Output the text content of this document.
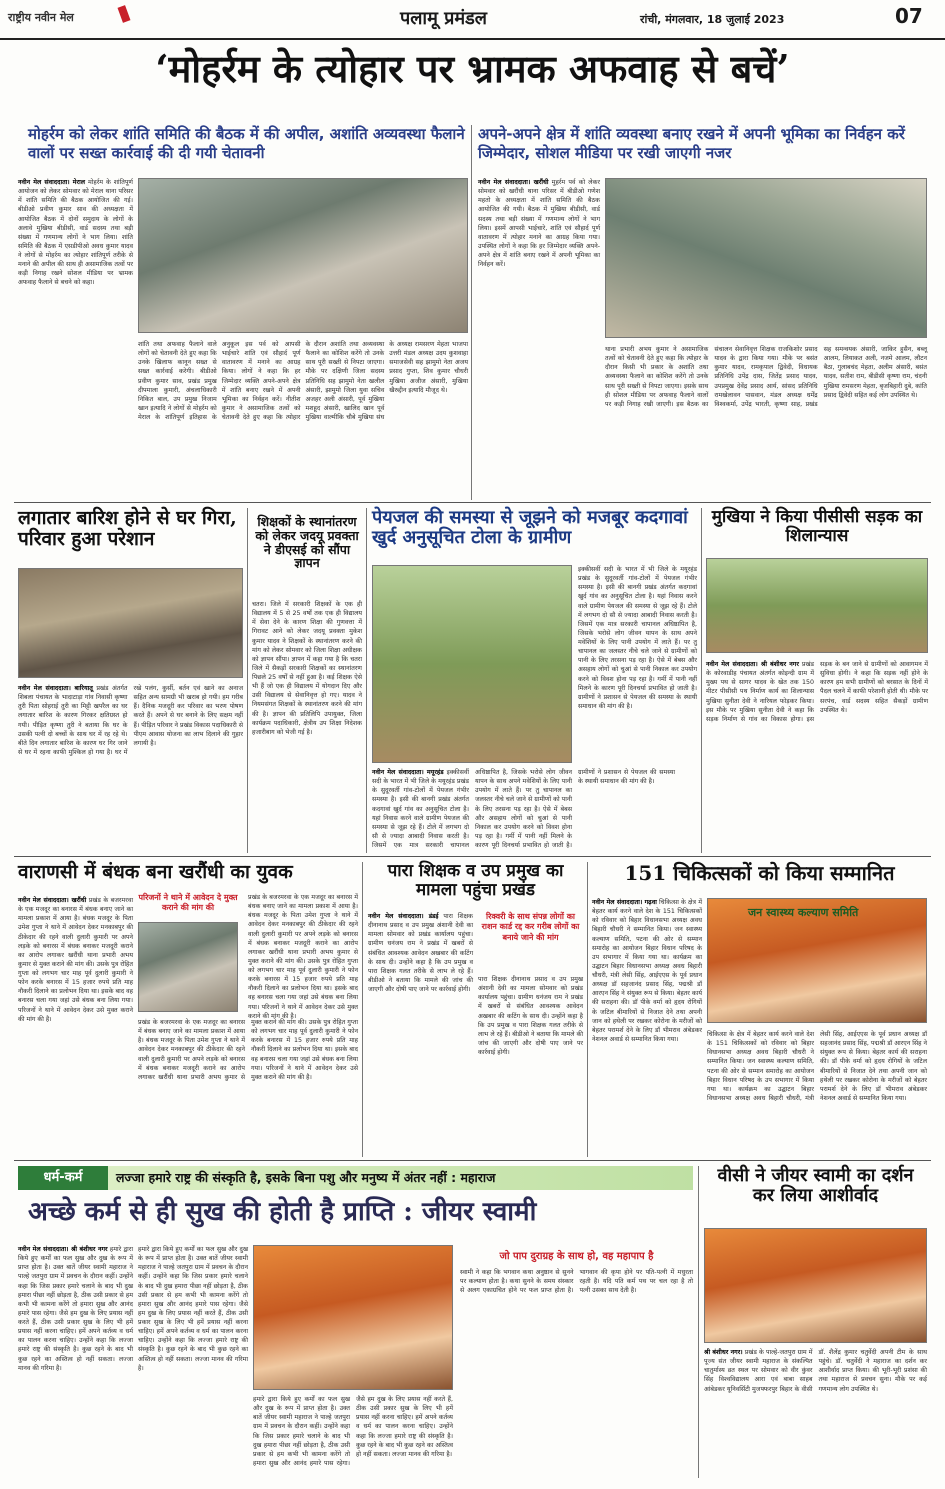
राष्ट्रीय नवीन मेल	पलामू प्रमंडल	रांची, मंगलवार, 18 जुलाई 2023	07
‘मोहर्रम के त्योहार पर भ्रामक अफवाह से बचें’
मोहर्रम को लेकर शांति समिति की बैठक में की अपील, अशांति अव्यवस्था फैलाने वालों पर सख्त कार्रवाई की दी गयी चेतावनी
अपने-अपने क्षेत्र में शांति व्यवस्था बनाए रखने में अपनी भूमिका का निर्वहन करें जिम्मेदार, सोशल मीडिया पर रखी जाएगी नजर
नवीन मेल संवाददाता। मेराल मोहर्रम के शांतिपूर्ण आयोजन को लेकर सोमवार को मेराल थाना परिसर में शांति समिति की बैठक आयोजित की गई। बीडीओ प्रवीण कुमार साव की अध्यक्षता में आयोजित बैठक में दोनों समुदाय के लोगों के अलावे मुखिया बीडीसी, वार्ड सदस्य तथा बड़ी संख्या में गणमान्य लोगों ने भाग लिया। शांति समिति की बैठक में एसडीपीओ अवध कुमार यादव ने लोगों से मोहर्रम का त्योहार शांतिपूर्ण तरीके से मनाने की अपील की साथ ही असामाजिक तत्वों पर कड़ी निगाह रखने सोशल मीडिया पर भ्रामक अफवाह फैलाने से बचने को कहा।
शांति तथा अफवाह फैलाने वाले लोगों को चेतावनी देते हुए कहा कि उनके खिलाफ कानून सख्त से सख्त कार्रवाई करेगी। बीडीओ प्रवीण कुमार साव, प्रखंड प्रमुख दीपमाला कुमारी, अंचलाधिकारी निकित बाल, उप प्रमुख निजाम खान इत्यादि ने लोगों से मोहर्रम को मेराल के शांतिपूर्ण इतिहास के अनुकूल इस पर्व को आपसी भाईचारे शांति एवं सौहार्द पूर्ण वातावरण में मनाने का आग्रह किया। लोगों ने कहा कि हर जिम्मेदार व्यक्ति अपने-अपने क्षेत्र में शांति बनाए रखने में अपनी भूमिका का निर्वहन करें। नीतीश कुमार ने असामाजिक तत्वों को चेतावनी देते हुए कहा कि त्योहार के दौरान अशांति तथा अव्यवस्था फैलाने का कोशिश करेंगे तो उनके साथ पूरी सख्ती से निपटा जाएगा। मौके पर दक्षिणी जिला सदस्य प्रतिनिधि सह झामुमो नेता खलील अंसारी, झामुमो जिला युवा सचिव अजहर अली अंसारी, पूर्व मुखिया मशहूद अंसारी, खालिद खान पूर्व मुखिया वाल्मीकि चौबे मुखिया संघ के अध्यक्ष रामसरण मेहता भाजपा उत्तरी मंडल अध्यक्ष उदय कुशवाहा समाजसेवी सह झामुमो नेता अजय प्रसाद गुप्ता, शिव कुमार चौधरी मुखिया अजीज अंसारी, मुखिया खैरुद्दीन इत्यादि मौजूद थे।
नवीन मेल संवाददाता। खरौंधी मुहर्रम पर्व को लेकर सोमवार को खरौंधी थाना परिसर में बीडीओ गणेश महतो के अध्यक्षता में शांति समिति की बैठक आयोजित की गयी। बैठक में मुखिया बीडीसी, वार्ड सदस्य तथा बड़ी संख्या में गणमान्य लोगों ने भाग लिया। इसमें आपसी भाईचारे, शांति एवं सौहार्द पूर्ण वातावरण में त्योहार मनाने का आग्रह किया गया। उपस्थित लोगों ने कहा कि हर जिम्मेदार व्यक्ति अपने-अपने क्षेत्र में शांति बनाए रखने में अपनी भूमिका का निर्वहन करें।
थाना प्रभारी अभय कुमार ने असामाजिक तत्वों को चेतावनी देते हुए कहा कि त्योहार के दौरान किसी भी प्रकार के अशांति तथा अव्यवस्था फैलाने का कोशिश करेंगे तो उनके साथ पूरी सख्ती से निपटा जाएगा। इसके साथ ही सोशल मीडिया पर अफवाह फैलाने वालों पर कड़ी निगाह रखी जाएगी। इस बैठक का संचालन सेवानिवृत्त शिक्षक राजकिशोर प्रसाद यादव के द्वारा किया गया। मौके पर बसंत कुमार यादव, रामकृपाल द्विवेदी, विधायक प्रतिनिधि उपेंद्र दास, जितेंद्र प्रसाद यादव, उपप्रमुख देवेंद्र प्रसाद आर्य, सांसद प्रतिनिधि रामखेलावन पासवान, मंडल अध्यक्ष धर्मेंद्र विश्वकर्मा, उपेंद्र भारती, कृष्णा साह, प्रखंड सह समन्वयक अंसारी, जाकिर हुसैन, बब्लू आलम, लियाकत अली, नजमे आलम, लौटन बैठा, गुलाबचंद मेहता, अलीम अंसारी, बसंत यादव, सतीश राम, बीडीसी कृष्णा राम, चंदनी मुखिया रामसरण मेहता, बृजबिहारी दुबे, कांति प्रसाद द्विवेदी सहित कई लोग उपस्थित थे।
लगातार बारिश होने से घर गिरा, परिवार हुआ परेशान
नवीन मेल संवाददाता। बारियातू प्रखंड अंतर्गत शिबला पंचायत के भादाटाड़ा गांव निवासी कृष्णा तुरी पिता सोहराई तुरी का मिट्टी खपरैल का घर लगातार बारिश के कारण गिरकर क्षतिग्रस्त हो गयी। पीड़ित कृष्णा तुरी ने बताया कि घर के उसकी पत्नी दो बच्चों के साथ घर में रह रहे थे। बीते दिन लगातार बारिश के कारण घर गिर जाने से घर में रहना काफी मुश्किल हो गया है। घर में रखे पलंग, कुर्सी, बर्तन एवं खाने का अनाज सहित अन्य सामग्री भी खराब हो गयी। हम गरीब हैं। दैनिक मजदूरी कर परिवार का भरण पोषण करते हैं। अपने से घर बनाने के लिए सक्षम नहीं हैं। पीड़ित परिवार ने प्रखंड विकास पदाधिकारी से पीएम आवास योजना का लाभ दिलाने की गुहार लगायी है।
शिक्षकों के स्थानांतरण को लेकर जदयू प्रवक्ता ने डीएसई को सौंपा ज्ञापन
चतरा। जिले में सरकारी शिक्षकों के एक ही विद्यालय में 5 से 25 वर्षों तक एक ही विद्यालय में सेवा देने के कारण शिक्षा की गुणवत्ता में गिरावट आने को लेकर जदयू प्रवक्ता मुकेश कुमार यादव ने शिक्षकों के स्थानांतरण करने की मांग को लेकर सोमवार को जिला शिक्षा अधीक्षक को ज्ञापन सौंपा। ज्ञापन में कहा गया है कि चतरा जिले में सैकड़ों सरकारी शिक्षकों का स्थानांतरण पिछले 25 वर्षों से नहीं हुआ है। कई शिक्षक ऐसे भी हैं जो एक ही विद्यालय में योगदान दिए और उसी विद्यालय से सेवानिवृत्त हो गए। यादव ने नियमसंगत शिक्षकों के स्थानांतरण करने की मांग की है। ज्ञापन की प्रतिलिपि उपायुक्त, जिला कार्यक्रम पदाधिकारी, क्षेत्रीय उप शिक्षा निदेशक हजारीबाग को भेजी गई है।
पेयजल की समस्या से जूझने को मजबूर कदगावां खुर्द अनुसूचित टोला के ग्रामीण
नवीन मेल संवाददाता। मयूरहंड इक्कीसवीं सदी के भारत में भी जिले के मयूरहंड प्रखंड के सुदूरवर्ती गांव-टोलों में पेयजल गंभीर समस्या है। इसी की बानगी प्रखंड अंतर्गत कदगावां खुर्द गांव का अनुसूचित टोला है। यहां निवास करने वाले ग्रामीण पेयजल की समस्या से जूझ रहे हैं। टोले में लगभग दो सौ से ज्यादा आबादी निवास करती है। जिसमें एक मात्र सरकारी चापानल अधिष्ठापित है, जिसके भरोसे लोग जीवन यापन के साथ अपने मवेशियों के लिए पानी उपयोग में लाते हैं। पर तु चापानल का जलस्तर नीचे चले जाने से ग्रामीणों को पानी के लिए तरसना पड़ रहा है। ऐसे में बेबस और असहाय लोगों को चुआं से पानी निकाल कर उपयोग करने को विवश होना पड़ रहा है। गर्मी में पानी नहीं मिलने के कारण पूरी दिनचर्या प्रभावित हो जाती है। ग्रामीणों ने प्रशासन से पेयजल की समस्या के स्थायी समाधान की मांग की है।
इक्कीसवीं सदी के भारत में भी जिले के मयूरहंड प्रखंड के सुदूरवर्ती गांव-टोलों में पेयजल गंभीर समस्या है। इसी की बानगी प्रखंड अंतर्गत कदगावां खुर्द गांव का अनुसूचित टोला है। यहां निवास करने वाले ग्रामीण पेयजल की समस्या से जूझ रहे हैं। टोले में लगभग दो सौ से ज्यादा आबादी निवास करती है। जिसमें एक मात्र सरकारी चापानल अधिष्ठापित है, जिसके भरोसे लोग जीवन यापन के साथ अपने मवेशियों के लिए पानी उपयोग में लाते हैं। पर तु चापानल का जलस्तर नीचे चले जाने से ग्रामीणों को पानी के लिए तरसना पड़ रहा है। ऐसे में बेबस और असहाय लोगों को चुआं से पानी निकाल कर उपयोग करने को विवश होना पड़ रहा है। गर्मी में पानी नहीं मिलने के कारण पूरी दिनचर्या प्रभावित हो जाती है। ग्रामीणों ने प्रशासन से पेयजल की समस्या के स्थायी समाधान की मांग की है।
मुखिया ने किया पीसीसी सड़क का शिलान्यास
नवीन मेल संवाददाता। श्री बंशीधर नगर प्रखंड के कोरवाडीह पंचायत अंतर्गत कोइन्दी ग्राम में मुख्य पथ से सागर यादव के खेत तक 150 मीटर पीसीसी पथ निर्माण कार्य का शिलान्यास मुखिया सुनीता देवी ने नारियल फोड़कर किया। इस मौके पर मुखिया सुनीता देवी ने कहा कि सड़क निर्माण से गांव का विकास होगा। इस सड़क के बन जाने से ग्रामीणों को आवागमन में सुविधा होगी। ने कहा कि सड़क नहीं होने के कारण हम सभी ग्रामीणों को बरसात के दिनों में पैदल चलने में काफी परेशानी होती थी। मौके पर सरपंच, वार्ड सदस्य सहित सैकड़ों ग्रामीण उपस्थित थे।
वाराणसी में बंधक बना खरौंधी का युवक
नवीन मेल संवाददाता। खरौंधी प्रखंड के बजरमरवा के एक मजदूर का बनारस में बंधक बनाए जाने का मामला प्रकाश में आया है। बंधक मजदूर के पिता उमेश गुप्ता ने थाने में आवेदन देकर मनकाबपुर की ठीकेदार की रहने वाली दुलारी कुमारी पर अपने लड़के को बनारस में बंधक बनाकर मजदूरी कराने का आरोप लगाकर खरौंधी थाना प्रभारी अभय कुमार से मुक्त कराने की मांग की। उसके पुत्र रोहित गुप्ता को लगभग चार माह पूर्व दुलारी कुमारी ने फोन करके बनारस में 15 हजार रुपये प्रति माह नौकरी दिलाने का प्रलोभन दिया था। इसके बाद वह बनारस चला गया जहां उसे बंधक बना लिया गया। परिजनों ने थाने में आवेदन देकर उसे मुक्त कराने की मांग की है।
परिजनों ने थाने में आवेदन दे मुक्त कराने की मांग की
प्रखंड के बजरमरवा के एक मजदूर का बनारस में बंधक बनाए जाने का मामला प्रकाश में आया है। बंधक मजदूर के पिता उमेश गुप्ता ने थाने में आवेदन देकर मनकाबपुर की ठीकेदार की रहने वाली दुलारी कुमारी पर अपने लड़के को बनारस में बंधक बनाकर मजदूरी कराने का आरोप लगाकर खरौंधी थाना प्रभारी अभय कुमार से मुक्त कराने की मांग की। उसके पुत्र रोहित गुप्ता को लगभग चार माह पूर्व दुलारी कुमारी ने फोन करके बनारस में 15 हजार रुपये प्रति माह नौकरी दिलाने का प्रलोभन दिया था। इसके बाद वह बनारस चला गया जहां उसे बंधक बना लिया गया। परिजनों ने थाने में आवेदन देकर उसे मुक्त कराने की मांग की है।
प्रखंड के बजरमरवा के एक मजदूर का बनारस में बंधक बनाए जाने का मामला प्रकाश में आया है। बंधक मजदूर के पिता उमेश गुप्ता ने थाने में आवेदन देकर मनकाबपुर की ठीकेदार की रहने वाली दुलारी कुमारी पर अपने लड़के को बनारस में बंधक बनाकर मजदूरी कराने का आरोप लगाकर खरौंधी थाना प्रभारी अभय कुमार से मुक्त कराने की मांग की। उसके पुत्र रोहित गुप्ता को लगभग चार माह पूर्व दुलारी कुमारी ने फोन करके बनारस में 15 हजार रुपये प्रति माह नौकरी दिलाने का प्रलोभन दिया था। इसके बाद वह बनारस चला गया जहां उसे बंधक बना लिया गया। परिजनों ने थाने में आवेदन देकर उसे मुक्त कराने की मांग की है।
पारा शिक्षक व उप प्रमुख का मामला पहुंचा प्रखंड
नवीन मेल संवाददाता। डंडई पारा शिक्षक दीनानाथ प्रसाद व उप प्रमुख अंशानी देवी का मामला सोमवार को प्रखंड कार्यालय पहुंचा। ग्रामीण धनंजय राम ने प्रखंड में खबरों से संबंधित आवश्यक आवेदन अखबार की कटिंग के साथ दी। उन्होंने कहा है कि उप प्रमुख व पारा शिक्षक गलत तरीके से लाभ ले रहे हैं। बीडीओ ने बताया कि मामले की जांच की जाएगी और दोषी पाए जाने पर कार्रवाई होगी।
रिक्वरी के साथ संपन्न लोगों का राशन कार्ड रद्द कर गरीब लोगों का बनाये जाने की मांग
पारा शिक्षक दीनानाथ प्रसाद व उप प्रमुख अंशानी देवी का मामला सोमवार को प्रखंड कार्यालय पहुंचा। ग्रामीण धनंजय राम ने प्रखंड में खबरों से संबंधित आवश्यक आवेदन अखबार की कटिंग के साथ दी। उन्होंने कहा है कि उप प्रमुख व पारा शिक्षक गलत तरीके से लाभ ले रहे हैं। बीडीओ ने बताया कि मामले की जांच की जाएगी और दोषी पाए जाने पर कार्रवाई होगी।
151 चिकित्सकों को किया सम्मानित
नवीन मेल संवाददाता। गढ़वा चिकित्सा के क्षेत्र में बेहतर कार्य करने वाले देश के 151 चिकित्सकों को रविवार को बिहार विधानसभा अध्यक्ष अवध बिहारी चौधरी ने सम्मानित किया। जन स्वास्थ्य कल्याण समिति, पटना की ओर से सम्मान समारोह का आयोजन बिहार विधान परिषद के उप सभागार में किया गया था। कार्यक्रम का उद्घाटन बिहार विधानसभा अध्यक्ष अवध बिहारी चौधरी, मंत्री लेसी सिंह, आईएएस के पूर्व प्रधान अध्यक्ष डॉ सहजानंद प्रसाद सिंह, पद्मश्री डॉ आरएन सिंह ने संयुक्त रूप से किया। बेहतर कार्य की सराहना की। डॉ पीके वर्मा को हृदय रोगियों के जटिल बीमारियों से निजात देने तथा अपनी जान को हथेली पर रखकर कोरोना के मरीजों को बेहतर परामर्श देने के लिए डॉ भीमराव अंबेडकर नेशनल अवार्ड से सम्मानित किया गया।
जन स्वास्थ्य कल्याण समिति
चिकित्सा के क्षेत्र में बेहतर कार्य करने वाले देश के 151 चिकित्सकों को रविवार को बिहार विधानसभा अध्यक्ष अवध बिहारी चौधरी ने सम्मानित किया। जन स्वास्थ्य कल्याण समिति, पटना की ओर से सम्मान समारोह का आयोजन बिहार विधान परिषद के उप सभागार में किया गया था। कार्यक्रम का उद्घाटन बिहार विधानसभा अध्यक्ष अवध बिहारी चौधरी, मंत्री लेसी सिंह, आईएएस के पूर्व प्रधान अध्यक्ष डॉ सहजानंद प्रसाद सिंह, पद्मश्री डॉ आरएन सिंह ने संयुक्त रूप से किया। बेहतर कार्य की सराहना की। डॉ पीके वर्मा को हृदय रोगियों के जटिल बीमारियों से निजात देने तथा अपनी जान को हथेली पर रखकर कोरोना के मरीजों को बेहतर परामर्श देने के लिए डॉ भीमराव अंबेडकर नेशनल अवार्ड से सम्मानित किया गया।
धर्म-कर्म	लज्जा हमारे राष्ट्र की संस्कृति है, इसके बिना पशु और मनुष्य में अंतर नहीं : महाराज
अच्छे कर्म से ही सुख की होती है प्राप्ति : जीयर स्वामी
नवीन मेल संवाददाता। श्री बंशीधर नगर हमारे द्वारा किये हुए कर्मों का फल सुख और दुख के रूप में प्राप्त होता है। उक्त बातें जीयर स्वामी महाराज ने पाल्हे जतपुरा ग्राम में प्रवचन के दौरान कहीं। उन्होंने कहा कि जिस प्रकार हमारे चलाने के बाद भी दुख हमारा पीछा नहीं छोड़ता है, ठीक उसी प्रकार से हम कभी भी कामना करेंगे तो हमारा सुख और आनंद हमारे पास रहेगा। जैसे हम दुख के लिए प्रयास नहीं करते हैं, ठीक उसी प्रकार सुख के लिए भी हमें प्रयास नहीं करना चाहिए। हमें अपने कर्तव्य व धर्म का पालन करना चाहिए। उन्होंने कहा कि लज्जा हमारे राष्ट्र की संस्कृति है। कुछ रहने के बाद भी कुछ रहने का अस्तित्व हो नहीं सकता। लज्जा मानव की गरिमा है।
हमारे द्वारा किये हुए कर्मों का फल सुख और दुख के रूप में प्राप्त होता है। उक्त बातें जीयर स्वामी महाराज ने पाल्हे जतपुरा ग्राम में प्रवचन के दौरान कहीं। उन्होंने कहा कि जिस प्रकार हमारे चलाने के बाद भी दुख हमारा पीछा नहीं छोड़ता है, ठीक उसी प्रकार से हम कभी भी कामना करेंगे तो हमारा सुख और आनंद हमारे पास रहेगा। जैसे हम दुख के लिए प्रयास नहीं करते हैं, ठीक उसी प्रकार सुख के लिए भी हमें प्रयास नहीं करना चाहिए। हमें अपने कर्तव्य व धर्म का पालन करना चाहिए। उन्होंने कहा कि लज्जा हमारे राष्ट्र की संस्कृति है। कुछ रहने के बाद भी कुछ रहने का अस्तित्व हो नहीं सकता। लज्जा मानव की गरिमा है।
हमारे द्वारा किये हुए कर्मों का फल सुख और दुख के रूप में प्राप्त होता है। उक्त बातें जीयर स्वामी महाराज ने पाल्हे जतपुरा ग्राम में प्रवचन के दौरान कहीं। उन्होंने कहा कि जिस प्रकार हमारे चलाने के बाद भी दुख हमारा पीछा नहीं छोड़ता है, ठीक उसी प्रकार से हम कभी भी कामना करेंगे तो हमारा सुख और आनंद हमारे पास रहेगा। जैसे हम दुख के लिए प्रयास नहीं करते हैं, ठीक उसी प्रकार सुख के लिए भी हमें प्रयास नहीं करना चाहिए। हमें अपने कर्तव्य व धर्म का पालन करना चाहिए। उन्होंने कहा कि लज्जा हमारे राष्ट्र की संस्कृति है। कुछ रहने के बाद भी कुछ रहने का अस्तित्व हो नहीं सकता। लज्जा मानव की गरिमा है।
जो पाप दुराग्रह के साथ हो, वह महापाप है
स्वामी ने कहा कि भगवान कथा अनुष्ठान से सुनने पर कल्याण होता है। कथा सुनने के समय संस्कार से अलग एकाग्रचित होने पर फल प्राप्त होता है। भागवान की कृपा होने पर पति-पत्नी में मधुरता रहती है। यदि पति कर्म पथ पर चल रहा है तो पत्नी उसका साथ देती है।
वीसी ने जीयर स्वामी का दर्शन कर लिया आशीर्वाद
श्री बंशीधर नगर। प्रखंड के पाल्हे-जतपुरा ग्राम में पूज्य संत जीयर स्वामी महाराज के संकल्पित चातुर्मास्य व्रत स्थल पर सोमवार को वीर कुंवर सिंह विश्वविद्यालय आरा एवं बाबा साहब आंबेडकर यूनिवर्सिटी मुजफ्फरपुर बिहार के वीसी डॉ. शैलेंद्र कुमार चतुर्वेदी अपनी टीम के साथ पहुंचे। डॉ. चतुर्वेदी ने महाराज का दर्शन कर आशीर्वाद प्राप्त किया। की भूरी-भूरी प्रशंसा की तथा महाराज से प्रवचन सुना। मौके पर कई गणमान्य लोग उपस्थित थे।
